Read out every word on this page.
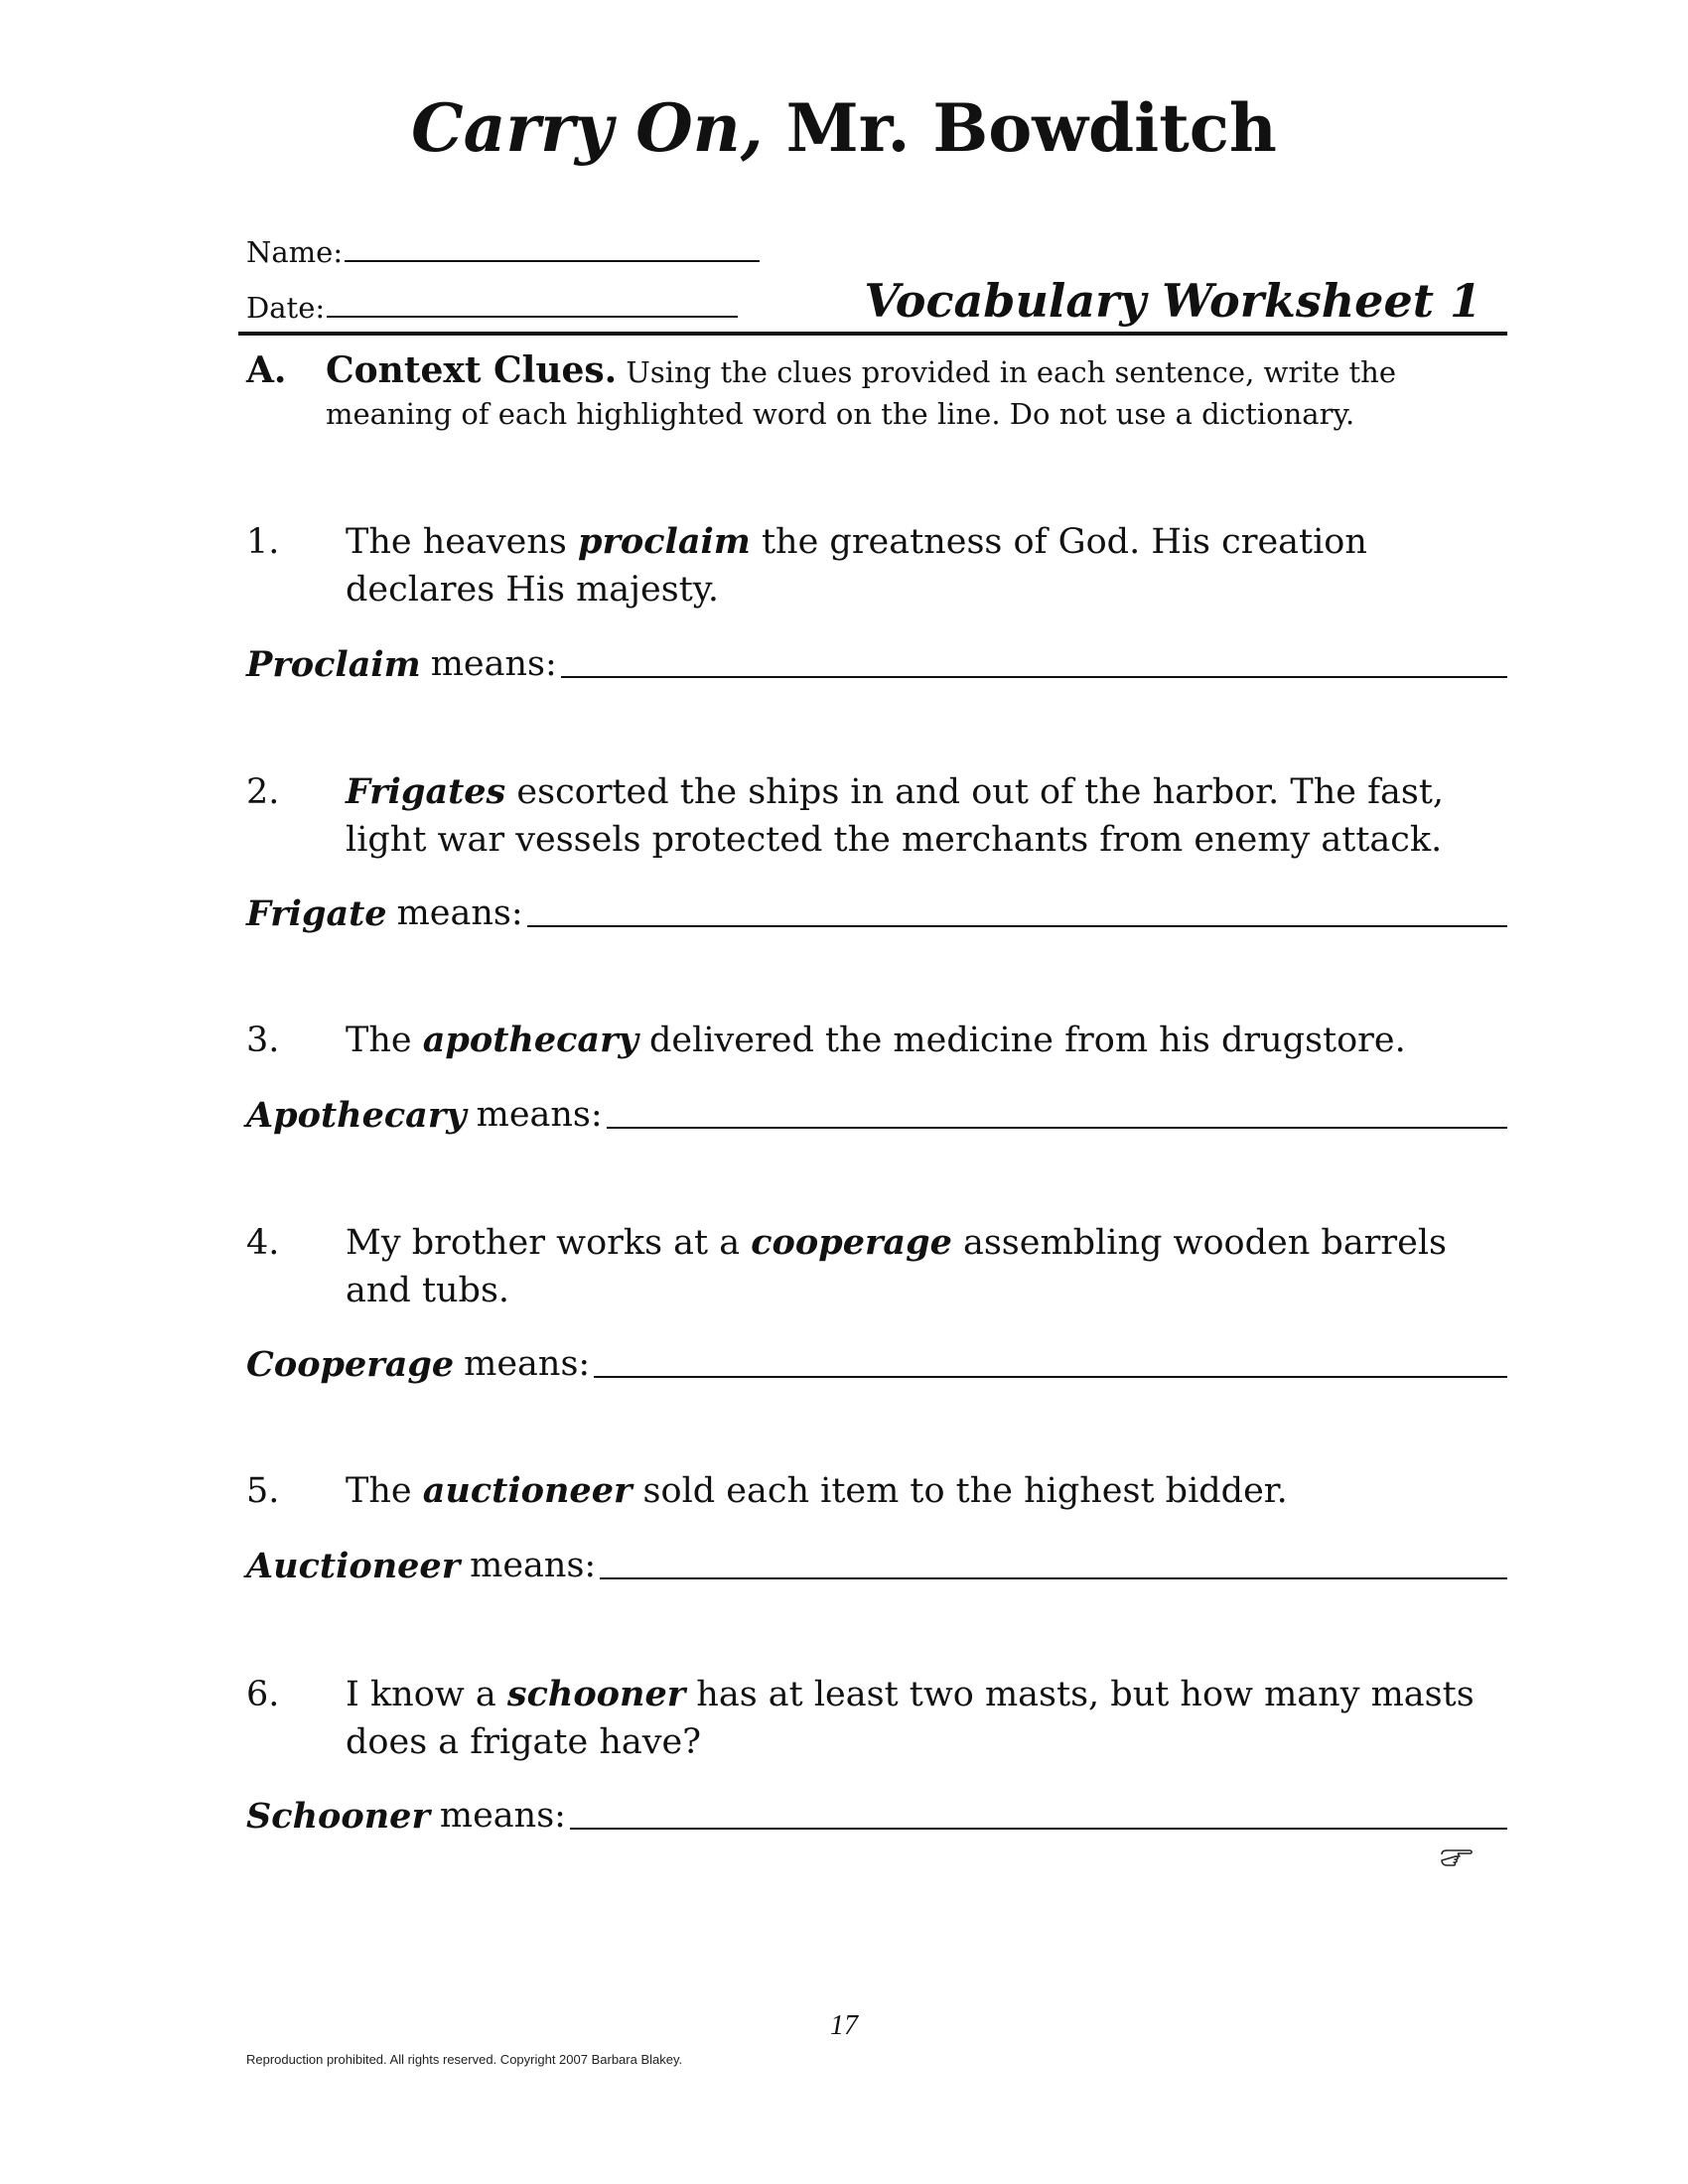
Carry On, Mr. Bowditch
Name:
Date:	Vocabulary Worksheet 1
A. Context Clues. Using the clues provided in each sentence, write the meaning of each highlighted word on the line. Do not use a dictionary.
1. The heavens proclaim the greatness of God. His creation declares His majesty.
Proclaim means:
2. Frigates escorted the ships in and out of the harbor. The fast, light war vessels protected the merchants from enemy attack.
Frigate means:
3. The apothecary delivered the medicine from his drugstore.
Apothecary means:
4. My brother works at a cooperage assembling wooden barrels and tubs.
Cooperage means:
5. The auctioneer sold each item to the highest bidder.
Auctioneer means:
6. I know a schooner has at least two masts, but how many masts does a frigate have?
Schooner means:
17
Reproduction prohibited. All rights reserved. Copyright 2007 Barbara Blakey.
